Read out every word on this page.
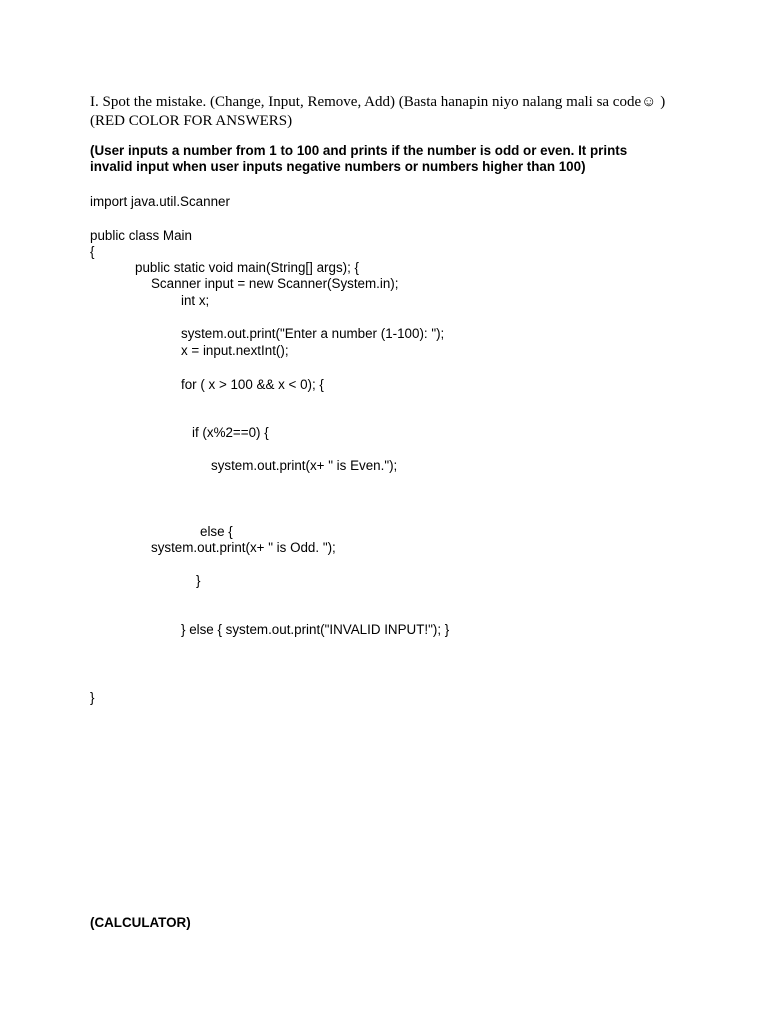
I. Spot the mistake. (Change, Input, Remove, Add) (Basta hanapin niyo nalang mali sa code☺ )
(RED COLOR FOR ANSWERS)
(User inputs a number from 1 to 100 and prints if the number is odd or even. It prints
invalid input when user inputs negative numbers or numbers higher than 100)
import java.util.Scanner
public class Main
{
public static void main(String[] args); {
Scanner input = new Scanner(System.in);
int x;
system.out.print("Enter a number (1-100): ");
x = input.nextInt();
for ( x > 100 && x < 0); {
if (x%2==0) {
system.out.print(x+ " is Even.");
else {
system.out.print(x+ " is Odd. ");
}
} else { system.out.print("INVALID INPUT!"); }
}
(CALCULATOR)
